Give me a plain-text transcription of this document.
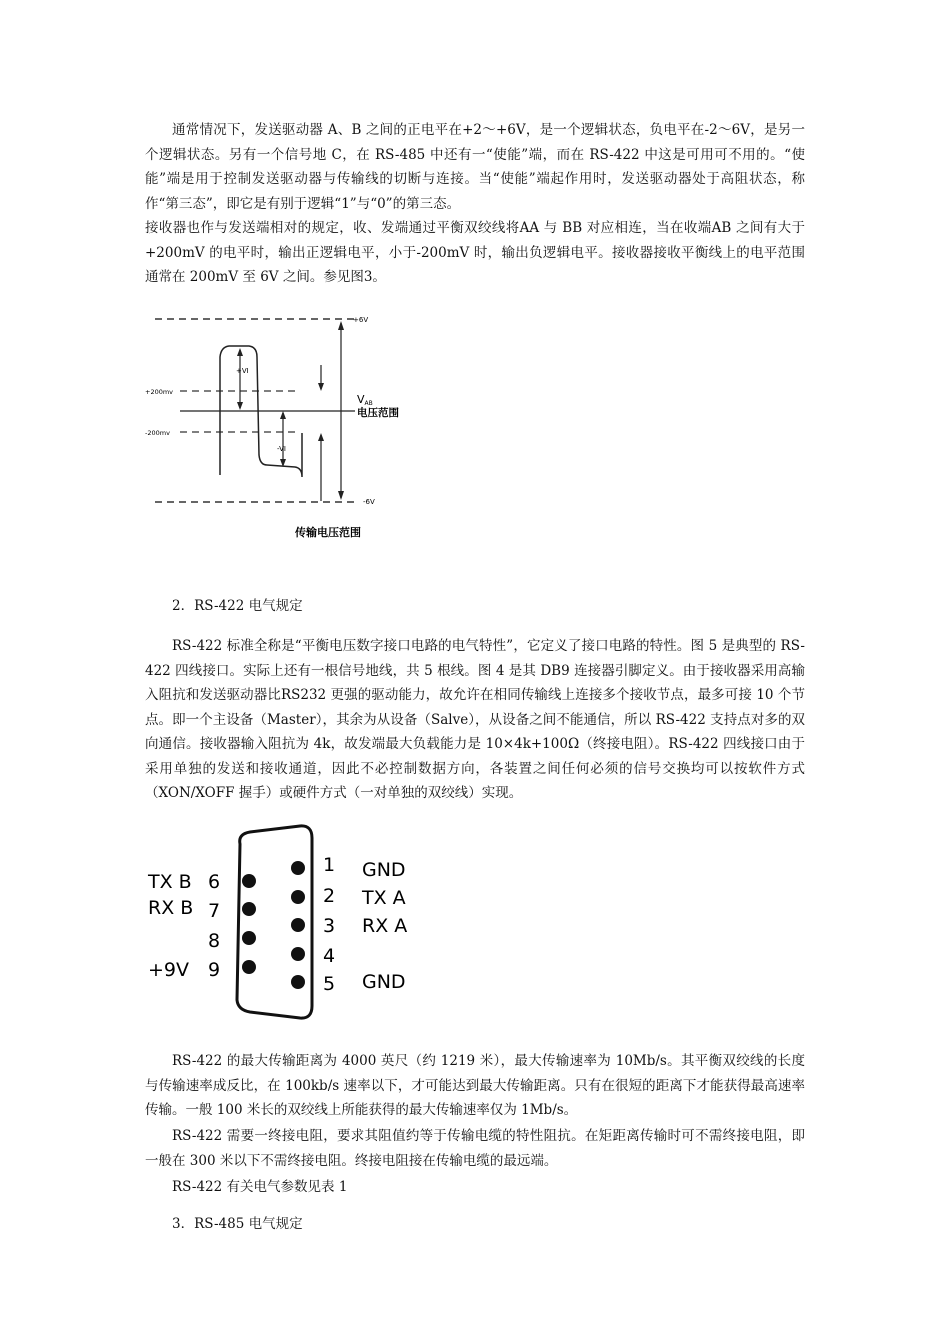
通常情况下，发送驱动器 A、B 之间的正电平在+2～+6V，是一个逻辑状态，负电平在-2～6V，是另一个逻辑状态。另有一个信号地 C，在 RS-485 中还有一“使能”端，而在 RS-422 中这是可用可不用的。“使能”端是用于控制发送驱动器与传输线的切断与连接。当“使能”端起作用时，发送驱动器处于高阻状态，称作“第三态”，即它是有别于逻辑“1”与“0”的第三态。

接收器也作与发送端相对的规定，收、发端通过平衡双绞线将AA 与 BB 对应相连，当在收端AB 之间有大于+200mV 的电平时，输出正逻辑电平，小于-200mV 时，输出负逻辑电平。接收器接收平衡线上的电平范围通常在 200mV 至 6V 之间。参见图3。

+6V
-6V
+200mv
-200mv
+VI
-VI
VAB
电压范围
传输电压范围

2．RS-422 电气规定

RS-422 标准全称是“平衡电压数字接口电路的电气特性”，它定义了接口电路的特性。图 5 是典型的 RS-422 四线接口。实际上还有一根信号地线，共 5 根线。图 4 是其 DB9 连接器引脚定义。由于接收器采用高输入阻抗和发送驱动器比RS232 更强的驱动能力，故允许在相同传输线上连接多个接收节点，最多可接 10 个节点。即一个主设备（Master），其余为从设备（Salve），从设备之间不能通信，所以 RS-422 支持点对多的双向通信。接收器输入阻抗为 4k，故发端最大负载能力是 10×4k+100Ω（终接电阻）。RS-422 四线接口由于采用单独的发送和接收通道，因此不必控制数据方向，各装置之间任何必须的信号交换均可以按软件方式（XON/XOFF 握手）或硬件方式（一对单独的双绞线）实现。

TX B
RX B
+9V
6
7
8
9
1
2
3
4
5
GND
TX A
RX A
GND

RS-422 的最大传输距离为 4000 英尺（约 1219 米），最大传输速率为 10Mb/s。其平衡双绞线的长度与传输速率成反比，在 100kb/s 速率以下，才可能达到最大传输距离。只有在很短的距离下才能获得最高速率传输。一般 100 米长的双绞线上所能获得的最大传输速率仅为 1Mb/s。

RS-422 需要一终接电阻，要求其阻值约等于传输电缆的特性阻抗。在矩距离传输时可不需终接电阻，即一般在 300 米以下不需终接电阻。终接电阻接在传输电缆的最远端。

RS-422 有关电气参数见表 1

3．RS-485 电气规定
